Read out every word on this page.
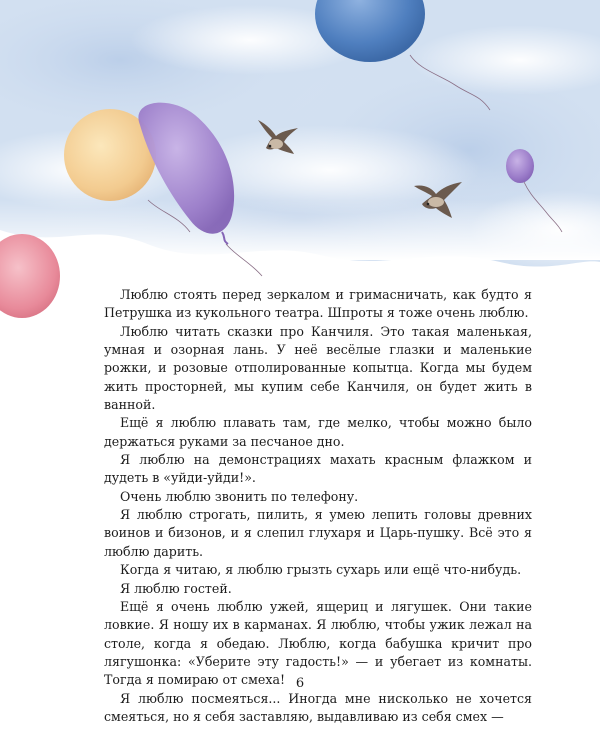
Люблю стоять перед зеркалом и гримасничать, как будто я Петрушка из кукольного театра. Шпроты я тоже очень люблю.

Люблю читать сказки про Канчиля. Это такая маленькая, умная и озорная лань. У неё весёлые глазки и маленькие рожки, и розовые отполированные копытца. Когда мы будем жить просторней, мы купим себе Канчиля, он будет жить в ванной.

Ещё я люблю плавать там, где мелко, чтобы можно было держаться руками за песчаное дно.

Я люблю на демонстрациях махать красным флажком и дудеть в «уйди-уйди!».

Очень люблю звонить по телефону.

Я люблю строгать, пилить, я умею лепить головы древних воинов и бизонов, и я слепил глухаря и Царь-пушку. Всё это я люблю дарить.

Когда я читаю, я люблю грызть сухарь или ещё что-нибудь.

Я люблю гостей.

Ещё я очень люблю ужей, ящериц и лягушек. Они такие ловкие. Я ношу их в карманах. Я люблю, чтобы ужик лежал на столе, когда я обедаю. Люблю, когда бабушка кричит про лягушонка: «Уберите эту гадость!» — и убегает из комнаты. Тогда я помираю от смеха!

Я люблю посмеяться... Иногда мне нисколько не хочется смеяться, но я себя заставляю, выдавливаю из себя смех —

6
